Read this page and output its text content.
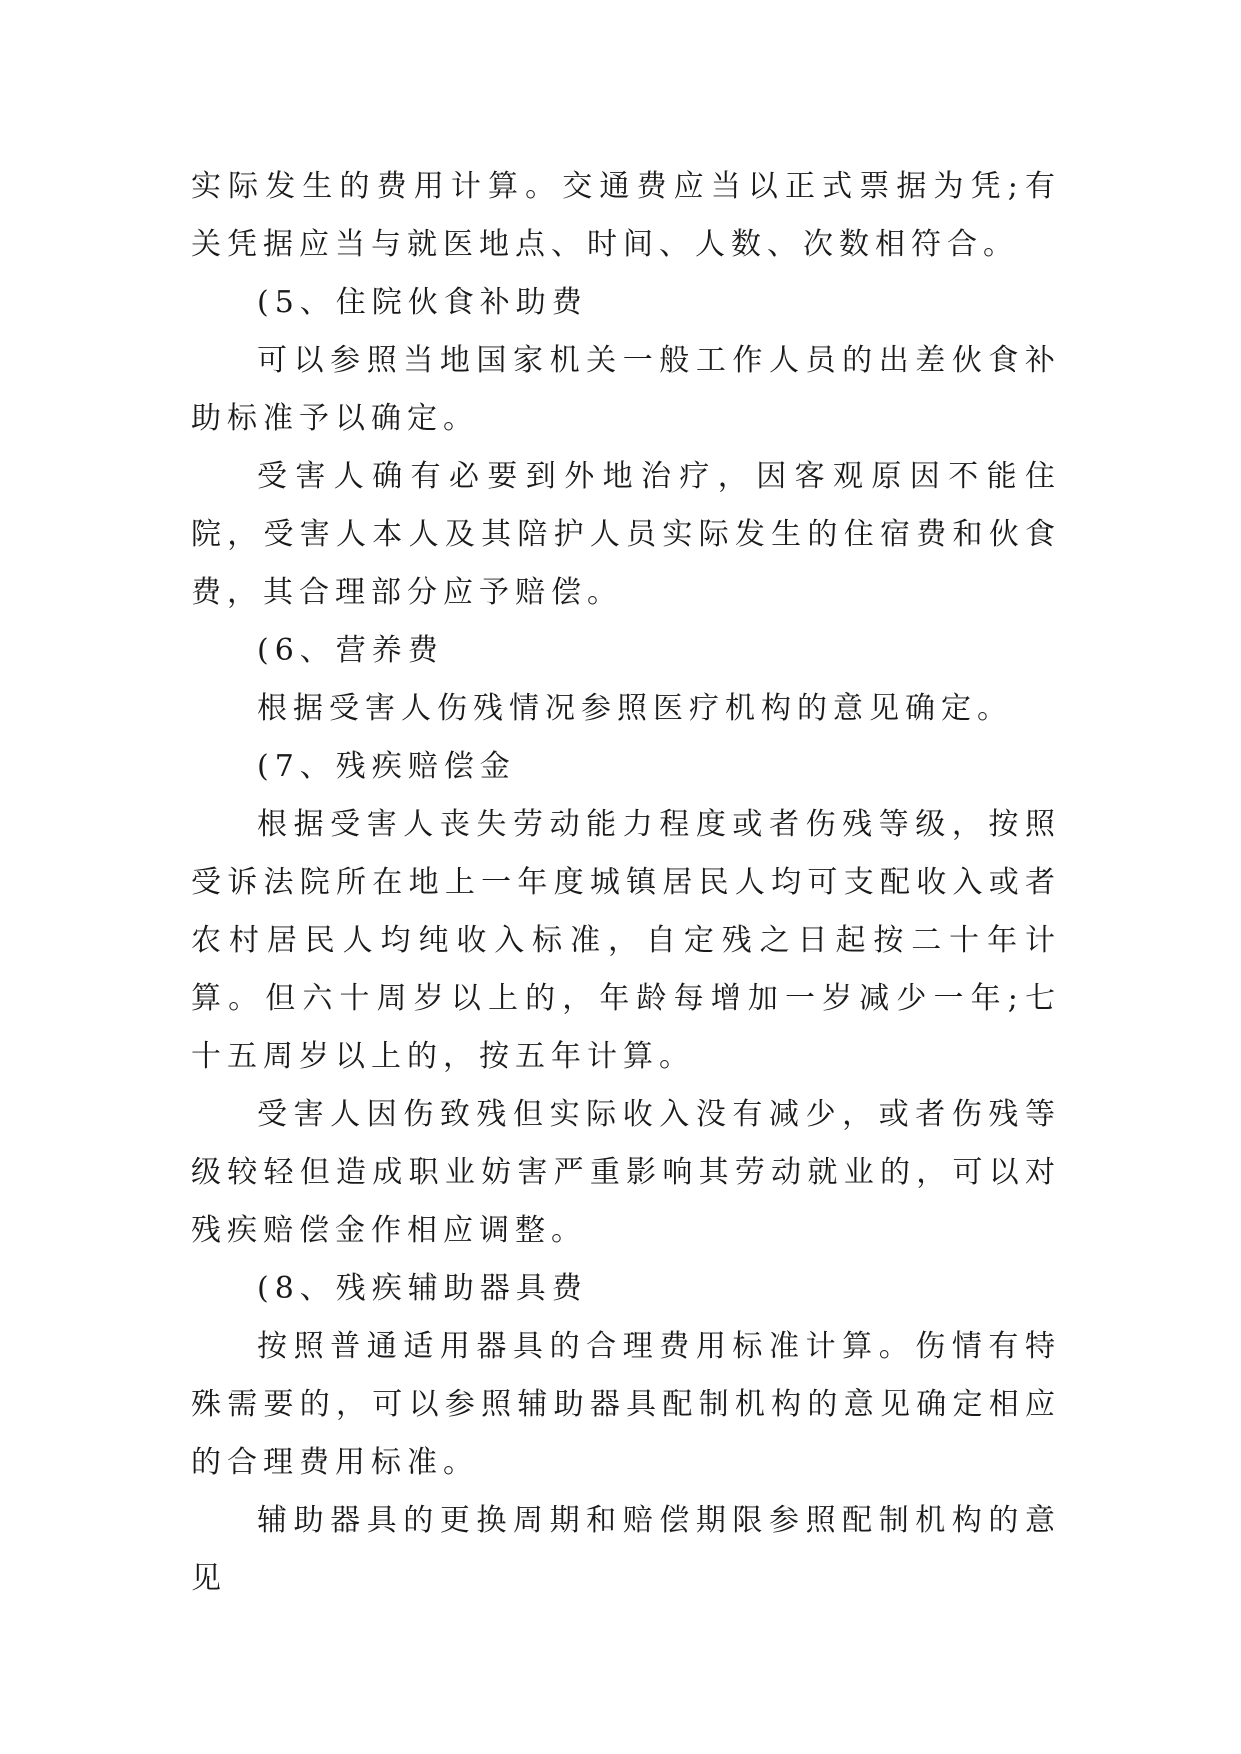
实际发生的费用计算。交通费应当以正式票据为凭;有关凭据应当与就医地点、时间、人数、次数相符合。

(5、住院伙食补助费

可以参照当地国家机关一般工作人员的出差伙食补助标准予以确定。

受害人确有必要到外地治疗，因客观原因不能住院，受害人本人及其陪护人员实际发生的住宿费和伙食费，其合理部分应予赔偿。

(6、营养费

根据受害人伤残情况参照医疗机构的意见确定。

(7、残疾赔偿金

根据受害人丧失劳动能力程度或者伤残等级，按照受诉法院所在地上一年度城镇居民人均可支配收入或者农村居民人均纯收入标准，自定残之日起按二十年计算。但六十周岁以上的，年龄每增加一岁减少一年;七十五周岁以上的，按五年计算。

受害人因伤致残但实际收入没有减少，或者伤残等级较轻但造成职业妨害严重影响其劳动就业的，可以对残疾赔偿金作相应调整。

(8、残疾辅助器具费

按照普通适用器具的合理费用标准计算。伤情有特殊需要的，可以参照辅助器具配制机构的意见确定相应的合理费用标准。

辅助器具的更换周期和赔偿期限参照配制机构的意见
